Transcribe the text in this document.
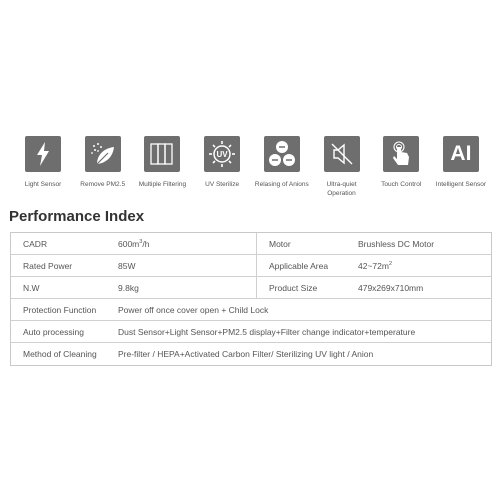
Light Sensor	Remove PM2.5 Multiple Filtering
UV
UV Sterilize Relasing of Anions	Ultra-quiet Operation
Touch Control
AI
Intelligent Sensor
Performance Index
CADR	$600m^3/h$	Motor	Brushless DC Motor
Rated Power	85W	Applicable Area	$42\sim 72m^2$
N.W	9.8kg	Product Size	479x269x710mm
Protection Function	Power off once cover open + Child Lock
Auto processing	Dust Sensor+Light Sensor+PM2.5 display+Filter change indicator+temperature
Method of Cleaning	Pre-filter / HEPA+Activated Carbon Filter/ Sterilizing UV light / Anion
